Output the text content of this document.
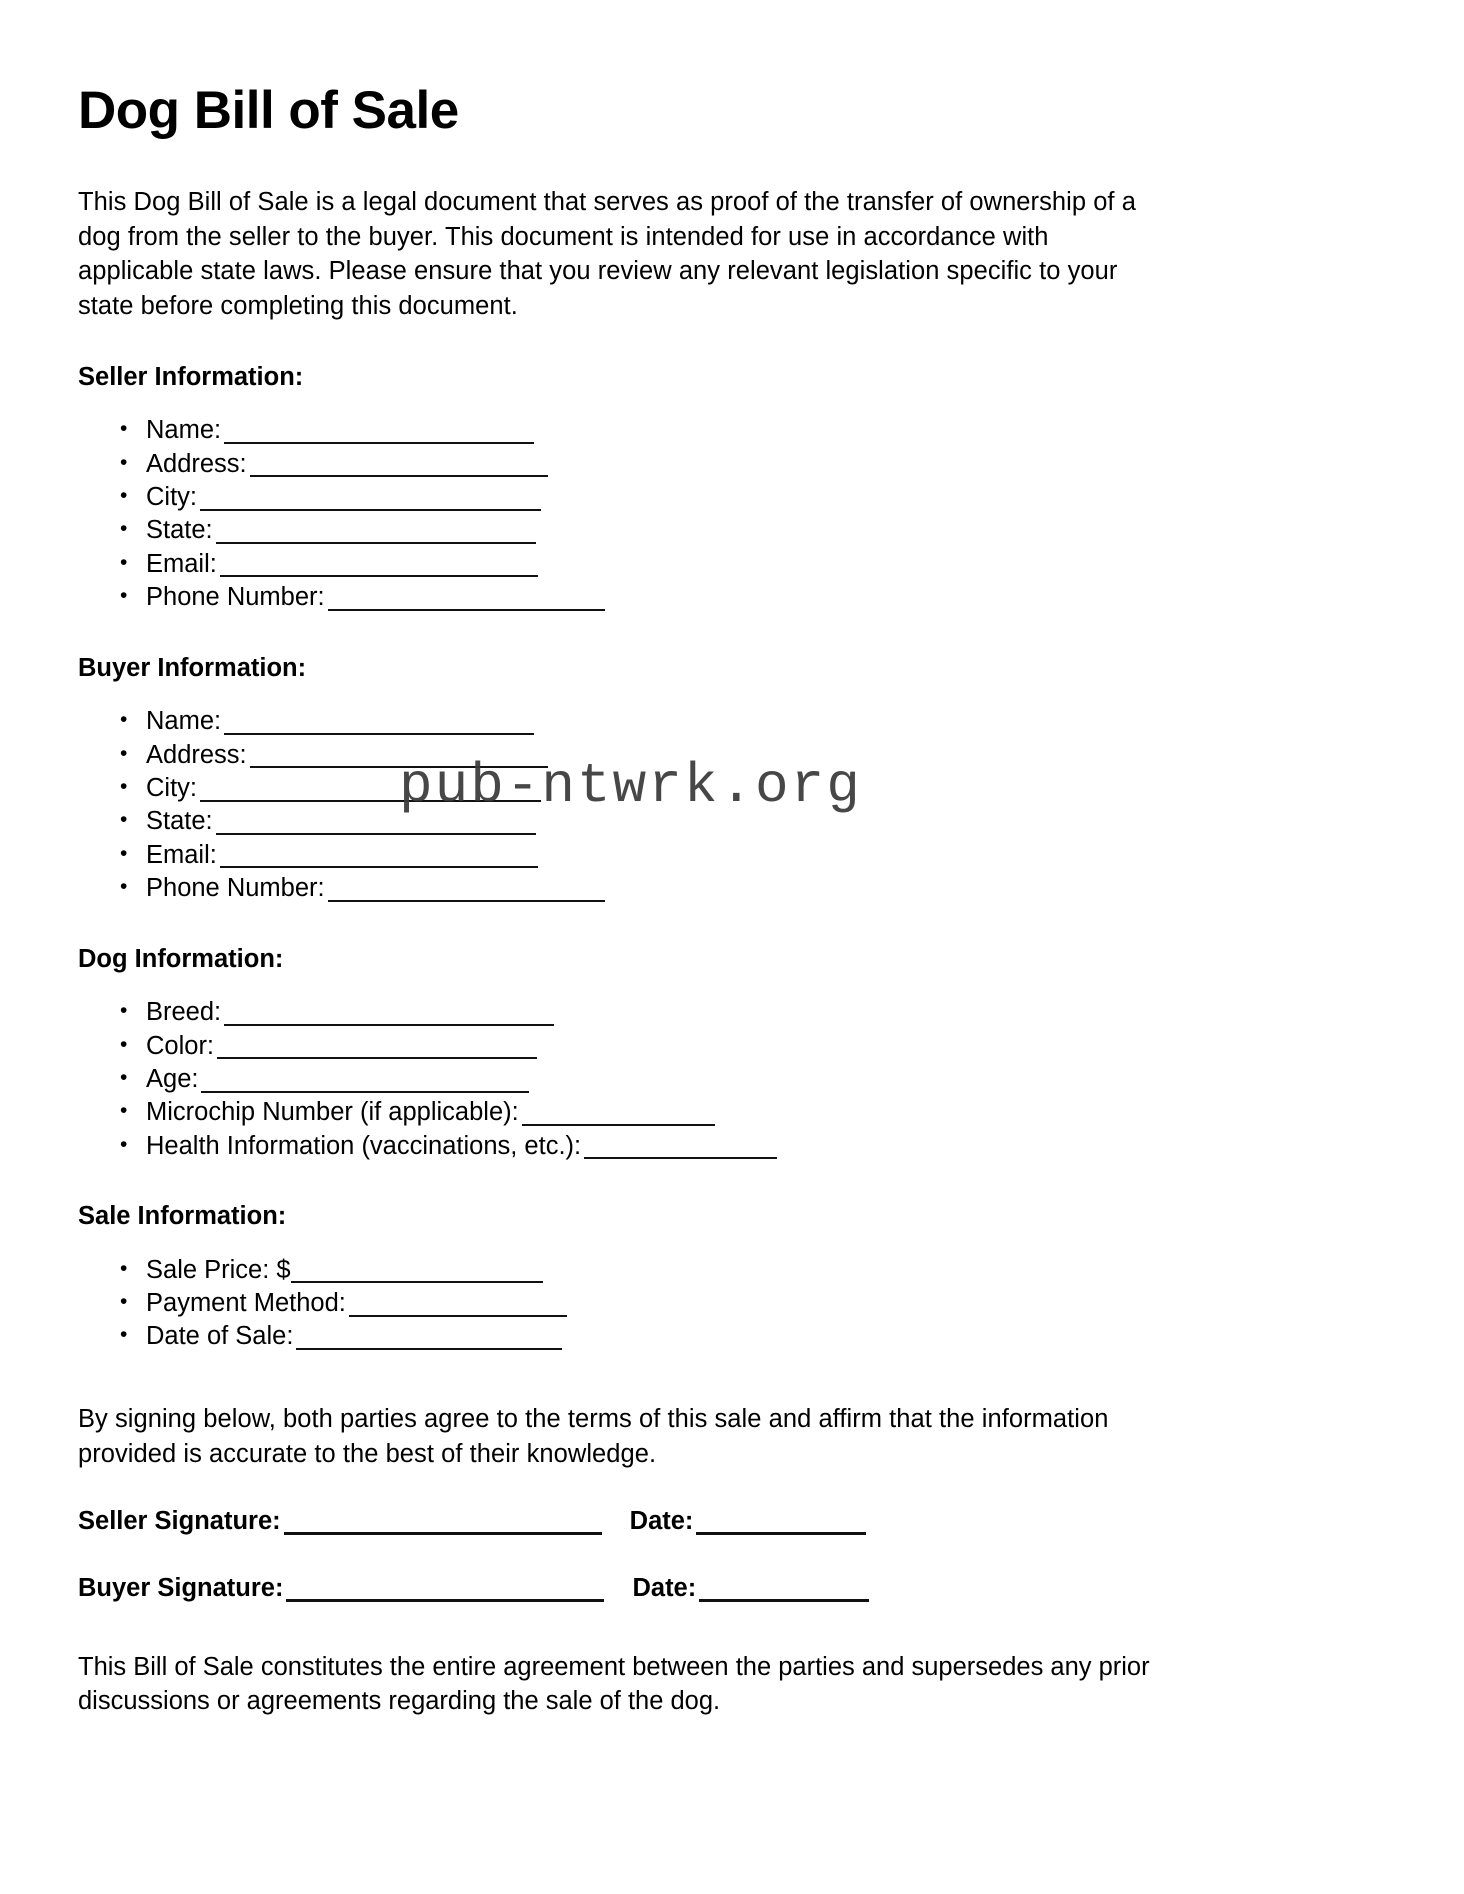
Dog Bill of Sale

This Dog Bill of Sale is a legal document that serves as proof of the transfer of ownership of a dog from the seller to the buyer. This document is intended for use in accordance with applicable state laws. Please ensure that you review any relevant legislation specific to your state before completing this document.

Seller Information:
• Name:
• Address:
• City:
• State:
• Email:
• Phone Number:
Buyer Information:
• Name:
• Address:
• City:
• State:
• Email:
• Phone Number:
Dog Information:
• Breed:
• Color:
• Age:
• Microchip Number (if applicable):
• Health Information (vaccinations, etc.):
Sale Information:
• Sale Price: $
• Payment Method:
• Date of Sale:

By signing below, both parties agree to the terms of this sale and affirm that the information provided is accurate to the best of their knowledge.

Seller Signature:	Date:
Buyer Signature:	Date:

This Bill of Sale constitutes the entire agreement between the parties and supersedes any prior discussions or agreements regarding the sale of the dog.

pub-ntwrk.org
